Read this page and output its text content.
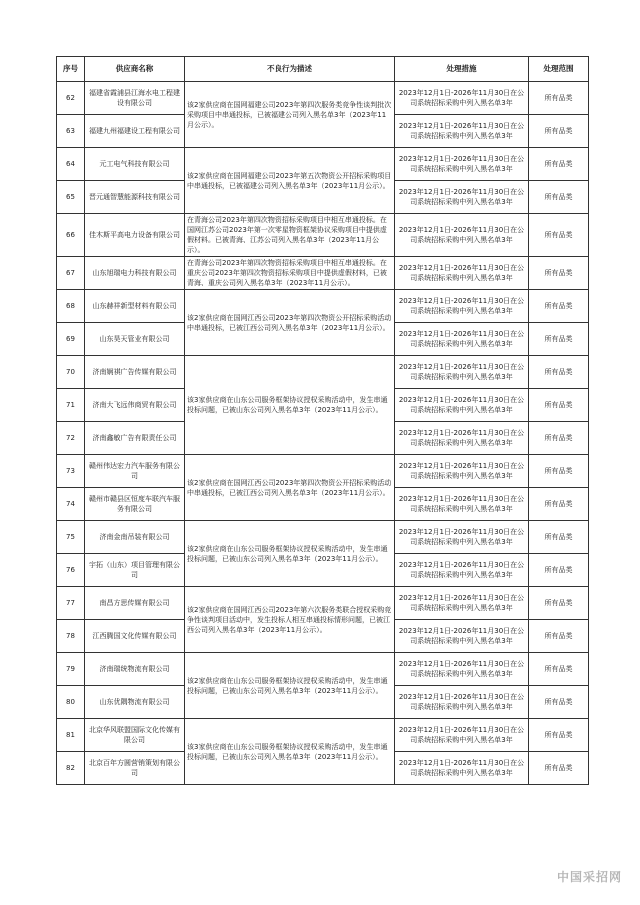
序号	供应商名称	不良行为描述	处理措施	处理范围
62	福建省霞浦县江海水电工程建设有限公司	该2家供应商在国网福建公司2023年第四次服务类竞争性谈判批次采购项目中串通投标，已被福建公司列入黑名单3年（2023年11月公示）。	2023年12月1日-2026年11月30日在公司系统招标采购中列入黑名单3年	所有品类
63	福建九州福建设工程有限公司		2023年12月1日-2026年11月30日在公司系统招标采购中列入黑名单3年	所有品类
64	元工电气科技有限公司	该2家供应商在国网福建公司2023年第五次物资公开招标采购项目中串通投标，已被福建公司列入黑名单3年（2023年11月公示）。	2023年12月1日-2026年11月30日在公司系统招标采购中列入黑名单3年	所有品类
65	晋元通智慧能源科技有限公司		2023年12月1日-2026年11月30日在公司系统招标采购中列入黑名单3年	所有品类
66	佳木斯平高电力设备有限公司	在青海公司2023年第四次物资招标采购项目中相互串通投标。在国网江苏公司2023年第一次零星物资框架协议采购项目中提供虚假材料。已被青海、江苏公司列入黑名单3年（2023年11月公示）。	2023年12月1日-2026年11月30日在公司系统招标采购中列入黑名单3年	所有品类
67	山东旭瑞电力科技有限公司	在青海公司2023年第四次物资招标采购项目中相互串通投标。在重庆公司2023年第四次物资招标采购项目中提供虚假材料，已被青海、重庆公司列入黑名单3年（2023年11月公示）。	2023年12月1日-2026年11月30日在公司系统招标采购中列入黑名单3年	所有品类
68	山东赫祥新型材料有限公司	该2家供应商在国网江西公司2023年第四次物资公开招标采购活动中串通投标，已被江西公司列入黑名单3年（2023年11月公示）。	2023年12月1日-2026年11月30日在公司系统招标采购中列入黑名单3年	所有品类
69	山东昊天管业有限公司		2023年12月1日-2026年11月30日在公司系统招标采购中列入黑名单3年	所有品类
70	济南娴祺广告传媒有限公司	该3家供应商在山东公司服务框架协议授权采购活动中，发生串通投标问题，已被山东公司列入黑名单3年（2023年11月公示）。	2023年12月1日-2026年11月30日在公司系统招标采购中列入黑名单3年	所有品类
71	济南大飞远伟商贸有限公司		2023年12月1日-2026年11月30日在公司系统招标采购中列入黑名单3年	所有品类
72	济南鑫敏广告有限责任公司		2023年12月1日-2026年11月30日在公司系统招标采购中列入黑名单3年	所有品类
73	赣州伟达宏力汽车服务有限公司	该2家供应商在国网江西公司2023年第四次物资公开招标采购活动中串通投标，已被江西公司列入黑名单3年（2023年11月公示）。	2023年12月1日-2026年11月30日在公司系统招标采购中列入黑名单3年	所有品类
74	赣州市赣县区恒度车联汽车服务有限公司		2023年12月1日-2026年11月30日在公司系统招标采购中列入黑名单3年	所有品类
75	济南金南吊装有限公司	该2家供应商在山东公司服务框架协议授权采购活动中，发生串通投标问题，已被山东公司列入黑名单3年（2023年11月公示）。	2023年12月1日-2026年11月30日在公司系统招标采购中列入黑名单3年	所有品类
76	宇拓（山东）项目管理有限公司		2023年12月1日-2026年11月30日在公司系统招标采购中列入黑名单3年	所有品类
77	南昌方思传媒有限公司	该2家供应商在国网江西公司2023年第六次服务类联合授权采购竞争性谈判项目活动中，发生投标人相互串通投标情形问题，已被江西公司列入黑名单3年（2023年11月公示）。	2023年12月1日-2026年11月30日在公司系统招标采购中列入黑名单3年	所有品类
78	江西腾国文化传媒有限公司		2023年12月1日-2026年11月30日在公司系统招标采购中列入黑名单3年	所有品类
79	济南瑞统物流有限公司	该2家供应商在山东公司服务框架协议授权采购活动中，发生串通投标问题，已被山东公司列入黑名单3年（2023年11月公示）。	2023年12月1日-2026年11月30日在公司系统招标采购中列入黑名单3年	所有品类
80	山东优隅物流有限公司		2023年12月1日-2026年11月30日在公司系统招标采购中列入黑名单3年	所有品类
81	北京华风联盟国际文化传媒有限公司	该3家供应商在山东公司服务框架协议授权采购活动中，发生串通投标问题，已被山东公司列入黑名单3年（2023年11月公示）。	2023年12月1日-2026年11月30日在公司系统招标采购中列入黑名单3年	所有品类
82	北京百年方圆营销策划有限公司		2023年12月1日-2026年11月30日在公司系统招标采购中列入黑名单3年	所有品类
中国采招网
